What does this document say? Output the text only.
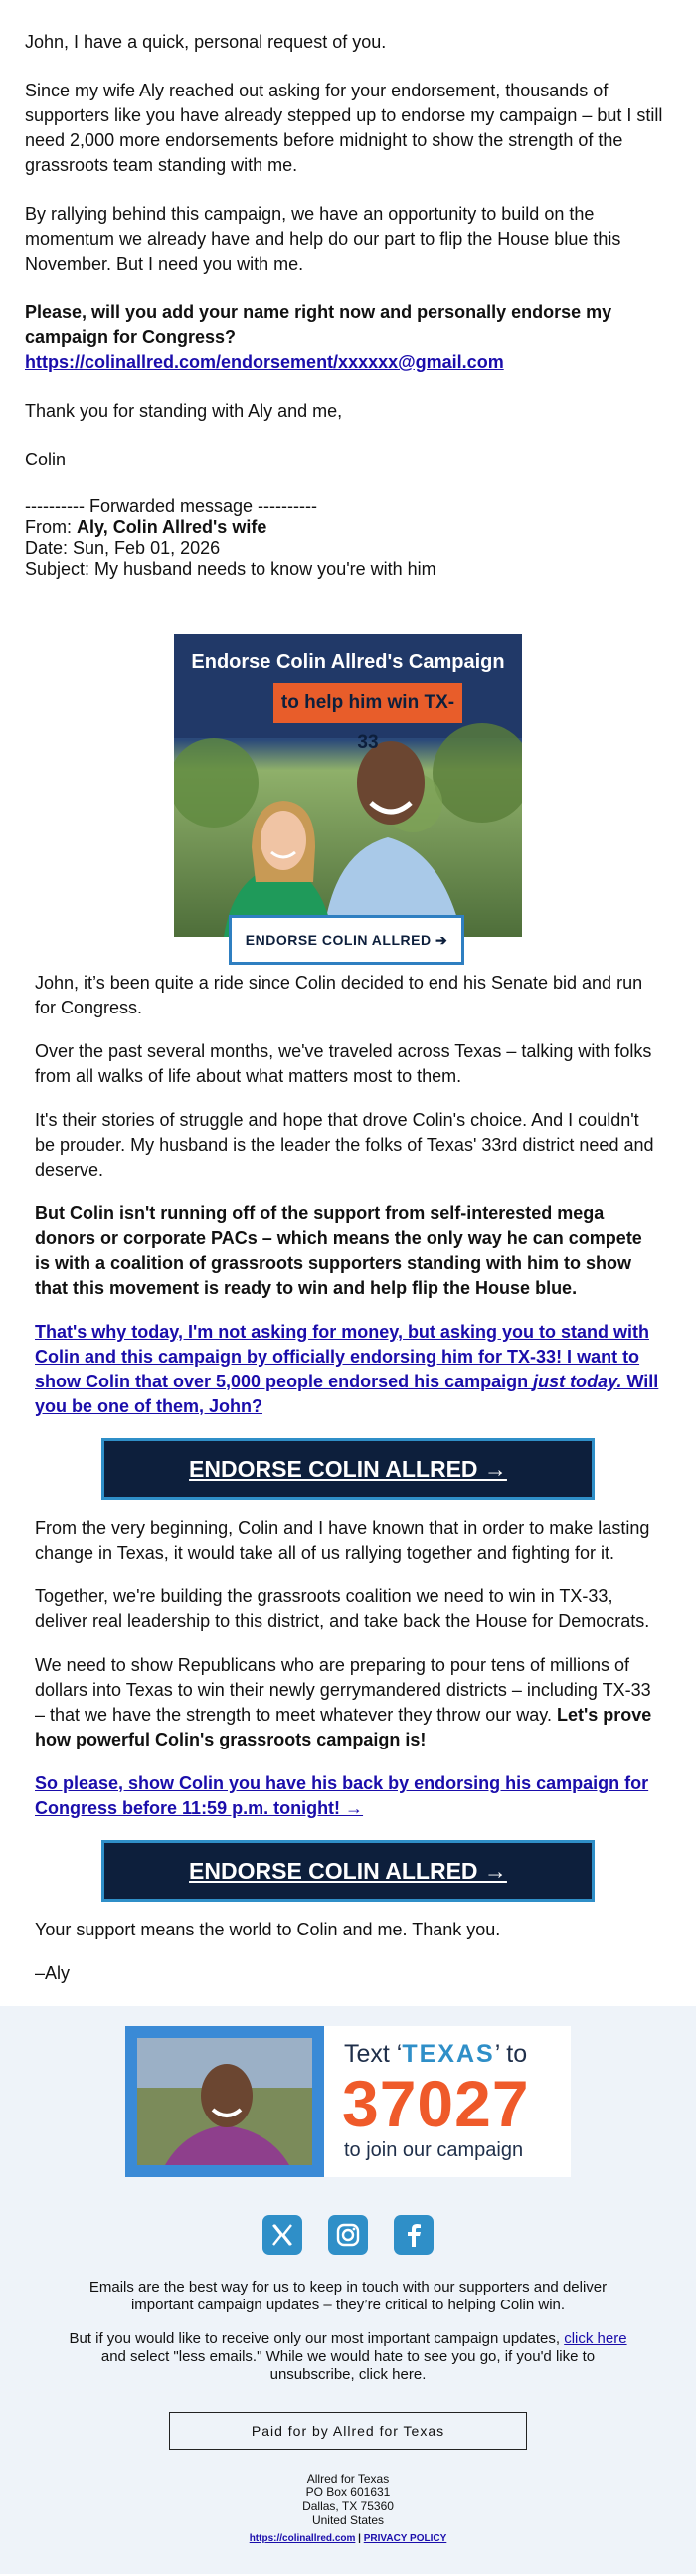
John, I have a quick, personal request of you.

Since my wife Aly reached out asking for your endorsement, thousands of supporters like you have already stepped up to endorse my campaign – but I still need 2,000 more endorsements before midnight to show the strength of the grassroots team standing with me.

By rallying behind this campaign, we have an opportunity to build on the momentum we already have and help do our part to flip the House blue this November. But I need you with me.

Please, will you add your name right now and personally endorse my campaign for Congress?
https://colinallred.com/endorsement/xxxxxx@gmail.com

Thank you for standing with Aly and me,

Colin

---------- Forwarded message ----------
From: Aly, Colin Allred's wife
Date: Sun, Feb 01, 2026
Subject: My husband needs to know you're with him
Endorse Colin Allred's Campaign
to help him win TX-33
ENDORSE COLIN ALLRED ➔

John, it’s been quite a ride since Colin decided to end his Senate bid and run for Congress.

Over the past several months, we've traveled across Texas – talking with folks from all walks of life about what matters most to them.

It's their stories of struggle and hope that drove Colin's choice. And I couldn't be prouder. My husband is the leader the folks of Texas' 33rd district need and deserve.

But Colin isn't running off of the support from self-interested mega donors or corporate PACs – which means the only way he can compete is with a coalition of grassroots supporters standing with him to show that this movement is ready to win and help flip the House blue.

That's why today, I'm not asking for money, but asking you to stand with Colin and this campaign by officially endorsing him for TX-33! I want to show Colin that over 5,000 people endorsed his campaign just today. Will you be one of them, John?

ENDORSE COLIN ALLRED →

From the very beginning, Colin and I have known that in order to make lasting change in Texas, it would take all of us rallying together and fighting for it.

Together, we're building the grassroots coalition we need to win in TX-33, deliver real leadership to this district, and take back the House for Democrats.

We need to show Republicans who are preparing to pour tens of millions of dollars into Texas to win their newly gerrymandered districts – including TX-33 – that we have the strength to meet whatever they throw our way. Let's prove how powerful Colin's grassroots campaign is!

So please, show Colin you have his back by endorsing his campaign for Congress before 11:59 p.m. tonight! →

ENDORSE COLIN ALLRED →

Your support means the world to Colin and me. Thank you.

–Aly

Text ‘TEXAS’ to
37027
to join our campaign

Emails are the best way for us to keep in touch with our supporters and deliver important campaign updates – they’re critical to helping Colin win.

But if you would like to receive only our most important campaign updates, click here and select "less emails." While we would hate to see you go, if you'd like to unsubscribe, click here.

Paid for by Allred for Texas
Allred for Texas
PO Box 601631
Dallas, TX 75360
United States
https://colinallred.com | PRIVACY POLICY
